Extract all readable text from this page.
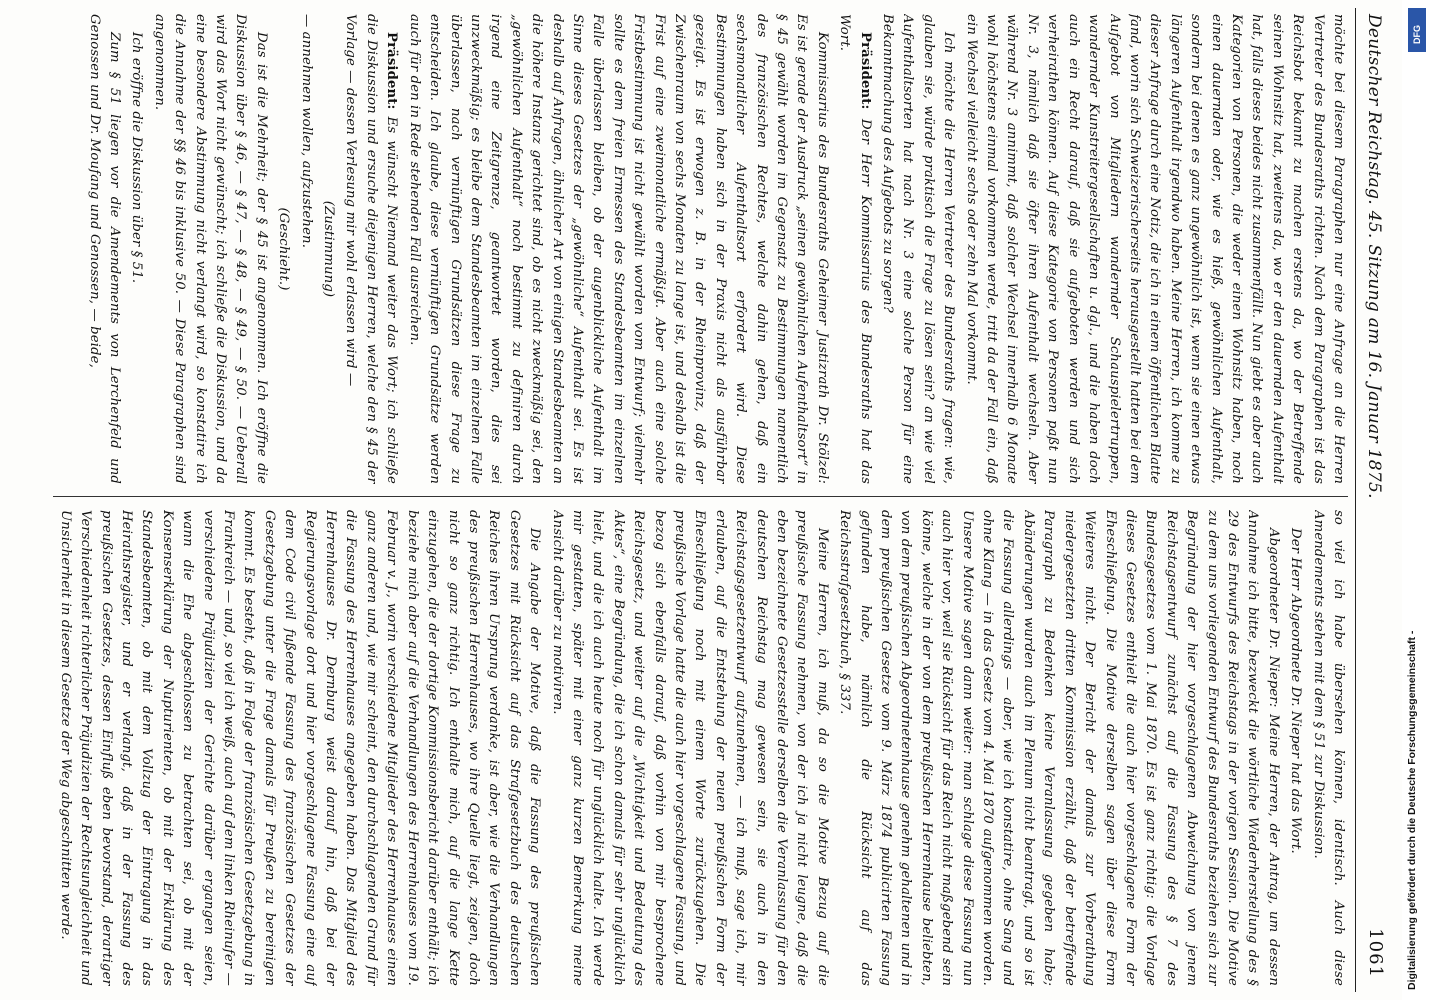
Deutscher Reichstag. 45. Sitzung am 16. Januar 1875.
1061

möchte bei diesem Paragraphen nur eine Anfrage an die Herren Vertreter des Bundesraths richten. Nach dem Paragraphen ist das Reichsbot bekannt zu machen erstens da, wo der Betreffende seinen Wohnsitz hat, zweitens da, wo er den dauernden Aufenthalt hat, falls dieses beides nicht zusammenfällt. Nun giebt es aber auch Kategorien von Personen, die weder einen Wohnsitz haben, noch einen dauernden oder, wie es hieß, gewöhnlichen Aufenthalt, sondern bei denen es ganz ungewöhnlich ist, wenn sie einen etwas längeren Aufenthalt irgendwo haben. Meine Herren, ich komme zu dieser Anfrage durch eine Notiz, die ich in einem öffentlichen Blatte fand, worin sich Schweizerischerseits herausgestellt hatten bei dem Aufgebot von Mitgliedern wandernder Schauspielertruppen, wandernder Kunstreitergesellschaften u. dgl., und die haben doch auch ein Recht darauf, daß sie aufgeboten werden und sich verheirathen können. Auf diese Kategorie von Personen paßt nun Nr. 3, nämlich daß sie öfter ihren Aufenthalt wechseln. Aber während Nr. 3 annimmt, daß solcher Wechsel innerhalb 6 Monate wohl höchstens einmal vorkommen werde, tritt da der Fall ein, daß ein Wechsel vielleicht sechs oder zehn Mal vorkommt.

Ich möchte die Herren Vertreter des Bundesraths fragen: wie, glauben sie, würde praktisch die Frage zu lösen sein? an wie viel Aufenthaltsorten hat nach Nr. 3 eine solche Person für eine Bekanntmachung des Aufgebots zu sorgen?

Präsident: Der Herr Kommissarius des Bundesraths hat das Wort.

Kommissarius des Bundesraths Geheimer Justizrath Dr. Stölzel: Es ist gerade der Ausdruck „seinen gewöhnlichen Aufenthaltsort“ in § 45 gewählt worden im Gegensatz zu Bestimmungen namentlich des französischen Rechtes, welche dahin gehen, daß ein sechsmonatlicher Aufenthaltsort erfordert wird. Diese Bestimmungen haben sich in der Praxis nicht als ausführbar gezeigt. Es ist erwogen z. B. in der Rheinprovinz, daß der Zwischenraum von sechs Monaten zu lange ist, und deshalb ist die Frist auf eine zweimonatliche ermäßigt. Aber auch eine solche Fristbestimmung ist nicht gewählt worden vom Entwurf; vielmehr sollte es dem freien Ermessen des Standesbeamten im einzelnen Falle überlassen bleiben, ob der augenblickliche Aufenthalt im Sinne dieses Gesetzes der „gewöhnliche“ Aufenthalt sei. Es ist deshalb auf Anfragen, ähnlicher Art von einigen Standesbeamten an die höhere Instanz gerichtet sind, ob es nicht zweckmäßig sei, den „gewöhnlichen Aufenthalt“ noch bestimmt zu definiren durch irgend eine Zeitgrenze, geantwortet worden, dies sei unzweckmäßig; es bleibe dem Standesbeamten im einzelnen Falle überlassen, nach vernünftigen Grundsätzen diese Frage zu entscheiden. Ich glaube, diese vernünftigen Grundsätze werden auch für den in Rede stehenden Fall ausreichen.

Präsident: Es wünscht Niemand weiter das Wort; ich schließe die Diskussion und ersuche diejenigen Herren, welche den § 45 der Vorlage — dessen Verlesung mir wohl erlassen wird —

(Zustimmung)

— annehmen wollen, aufzustehen.

(Geschieht.)

Das ist die Mehrheit; der § 45 ist angenommen. Ich eröffne die Diskussion über § 46, — § 47, — § 48, — § 49, — § 50. — Ueberall wird das Wort nicht gewünscht; ich schließe die Diskussion, und da eine besondere Abstimmung nicht verlangt wird, so konstatire ich die Annahme der §§ 46 bis inklusive 50. — Diese Paragraphen sind angenommen.

Ich eröffne die Diskussion über § 51.

Zum § 51 liegen vor die Amendements von Lerchenfeld und Genossen und Dr. Moufang und Genossen, — beide,

so viel ich habe übersehen können, identisch. Auch diese Amendements stehen mit dem § 51 zur Diskussion.

Der Herr Abgeordnete Dr. Nieper hat das Wort.

Abgeordneter Dr. Nieper: Meine Herren, der Antrag, um dessen Annahme ich bitte, bezweckt die wörtliche Wiederherstellung des § 29 des Entwurfs des Reichstags in der vorigen Session. Die Motive zu dem uns vorliegenden Entwurf des Bundesraths beziehen sich zur Begründung der hier vorgeschlagenen Abweichung von jenem Reichstagsentwurf zunächst auf die Fassung des § 7 des Bundesgesetzes vom 1. Mai 1870. Es ist ganz richtig: die Vorlage dieses Gesetzes enthielt die auch hier vorgeschlagene Form der Eheschließung. Die Motive derselben sagen über diese Form Weiteres nicht. Der Bericht der damals zur Vorberathung niedergesetzten dritten Kommission erzählt, daß der betreffende Paragraph zu Bedenken keine Veranlassung gegeben habe; Abänderungen wurden auch im Plenum nicht beantragt, und so ist die Fassung allerdings — aber, wie ich konstatire, ohne Sang und ohne Klang — in das Gesetz vom 4. Mai 1870 aufgenommen worden. Unsere Motive sagen dann weiter: man schlage diese Fassung nun auch hier vor, weil sie Rücksicht für das Reich nicht maßgebend sein könne, welche in der von dem preußischen Herrenhause beliebten, von dem preußischen Abgeordnetenhause genehm gehaltenen und in dem preußischen Gesetze vom 9. März 1874 publicirten Fassung gefunden habe, nämlich die Rücksicht auf das Reichsstrafgesetzbuch, § 337.

Meine Herren, ich muß, da so die Motive Bezug auf die preußische Fassung nehmen, von der ich ja nicht leugne, daß die eben bezeichnete Gesetzesstelle derselben die Veranlassung für den deutschen Reichstag mag gewesen sein, sie auch in den Reichstagsgesetzentwurf aufzunehmen, — ich muß, sage ich, mir erlauben, auf die Entstehung der neuen preußischen Form der Eheschließung noch mit einem Worte zurückzugehen. Die preußische Vorlage hatte die auch hier vorgeschlagene Fassung, und bezog sich ebenfalls darauf, daß vorhin von mir besprochene Reichsgesetz, und weiter auf die „Wichtigkeit und Bedeutung des Aktes“, eine Begründung, die ich schon damals für sehr unglücklich hielt, und die ich auch heute noch für unglücklich halte. Ich werde mir gestatten, später mit einer ganz kurzen Bemerkung meine Ansicht darüber zu motiviren.

Die Angabe der Motive, daß die Fassung des preußischen Gesetzes mit Rücksicht auf das Strafgesetzbuch des deutschen Reiches ihren Ursprung verdanke, ist aber, wie die Verhandlungen des preußischen Herrenhauses, wo ihre Quelle liegt, zeigen, doch nicht so ganz richtig. Ich enthalte mich, auf die lange Kette einzugehen, die der dortige Kommissionsbericht darüber enthält; ich beziehe mich aber auf die Verhandlungen des Herrenhauses vom 19. Februar v. J., worin verschiedene Mitglieder des Herrenhauses einen ganz anderen und, wie mir scheint, den durchschlagenden Grund für die Fassung des Herrenhauses angegeben haben. Das Mitglied des Herrenhauses Dr. Dernburg weist darauf hin, daß bei der Regierungsvorlage dort und hier vorgeschlagene Fassung eine auf dem Code civil fußende Fassung des französischen Gesetzes der Gesetzgebung unter die Frage damals für Preußen zu bereinigen kommt. Es besteht, daß in Folge der französischen Gesetzgebung in Frankreich — und, so viel ich weiß, auch auf dem linken Rheinufer — verschiedene Präjudizien der Gerichte darüber ergangen seien, wann die Ehe abgeschlossen zu betrachten sei, ob mit der Konsenserklärung der Nupturienten, ob mit der Erklärung des Standesbeamten, ob mit dem Vollzug der Eintragung in das Heirathsregister, und er verlangt, daß in der Fassung des preußischen Gesetzes, dessen Einfluß eben bevorstand, derartiger Verschiedenheit richterlicher Präjudizien der Rechtsungleichheit und Unsicherheit in diesem Gesetze der Weg abgeschnitten werde.

DFG
Digitalisierung gefördert durch die Deutsche Forschungsgemeinschaft -
